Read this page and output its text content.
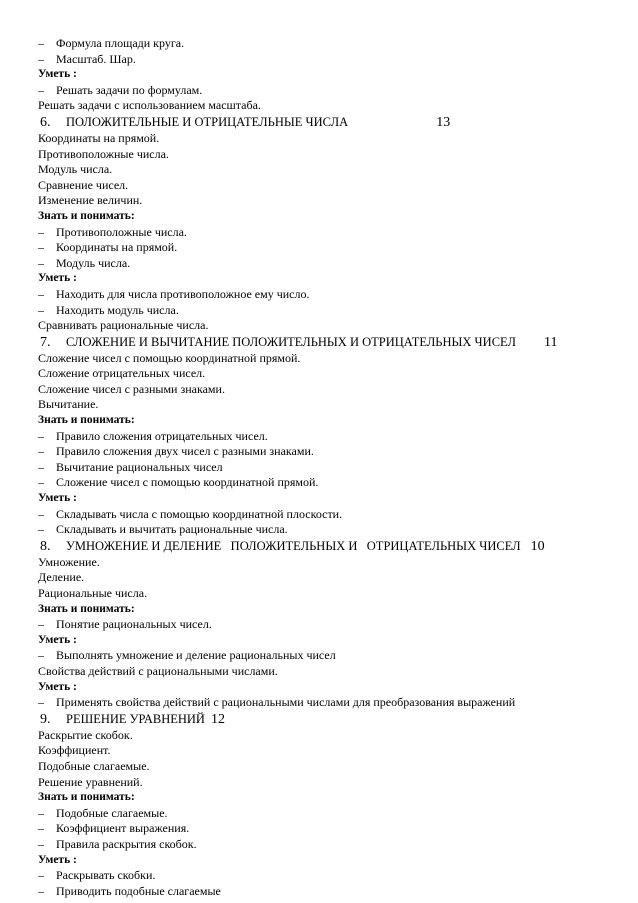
– Формула площади круга.
– Масштаб. Шар.
Уметь :
– Решать задачи по формулам.
Решать задачи с использованием масштаба.
6. ПОЛОЖИТЕЛЬНЫЕ И ОТРИЦАТЕЛЬНЫЕ ЧИСЛА	13
Координаты на прямой.
Противоположные числа.
Модуль числа.
Сравнение чисел.
Изменение величин.
Знать и понимать:
– Противоположные числа.
– Координаты на прямой.
– Модуль числа.
Уметь :
– Находить для числа противоположное ему число.
– Находить модуль числа.
Сравнивать рациональные числа.
7. СЛОЖЕНИЕ И ВЫЧИТАНИЕ ПОЛОЖИТЕЛЬНЫХ И ОТРИЦАТЕЛЬНЫХ ЧИСЕЛ 11
Сложение чисел с помощью координатной прямой.
Сложение отрицательных чисел.
Сложение чисел с разными знаками.
Вычитание.
Знать и понимать:
– Правило сложения отрицательных чисел.
– Правило сложения двух чисел с разными знаками.
– Вычитание рациональных чисел
– Сложение чисел с помощью координатной прямой.
Уметь :
– Складывать числа с помощью координатной плоскости.
– Складывать и вычитать рациональные числа.
8. УМНОЖЕНИЕ И ДЕЛЕНИЕ   ПОЛОЖИТЕЛЬНЫХ И   ОТРИЦАТЕЛЬНЫХ ЧИСЕЛ 10
Умножение.
Деление.
Рациональные числа.
Знать и понимать:
– Понятие рациональных чисел.
Уметь :
– Выполнять умножение и деление рациональных чисел
Свойства действий с рациональными числами.
Уметь :
– Применять свойства действий с рациональными числами для преобразования выражений
9. РЕШЕНИЕ УРАВНЕНИЙ 12
Раскрытие скобок.
Коэффициент.
Подобные слагаемые.
Решение уравнений.
Знать и понимать:
– Подобные слагаемые.
– Коэффициент выражения.
– Правила раскрытия скобок.
Уметь :
– Раскрывать скобки.
– Приводить подобные слагаемые
